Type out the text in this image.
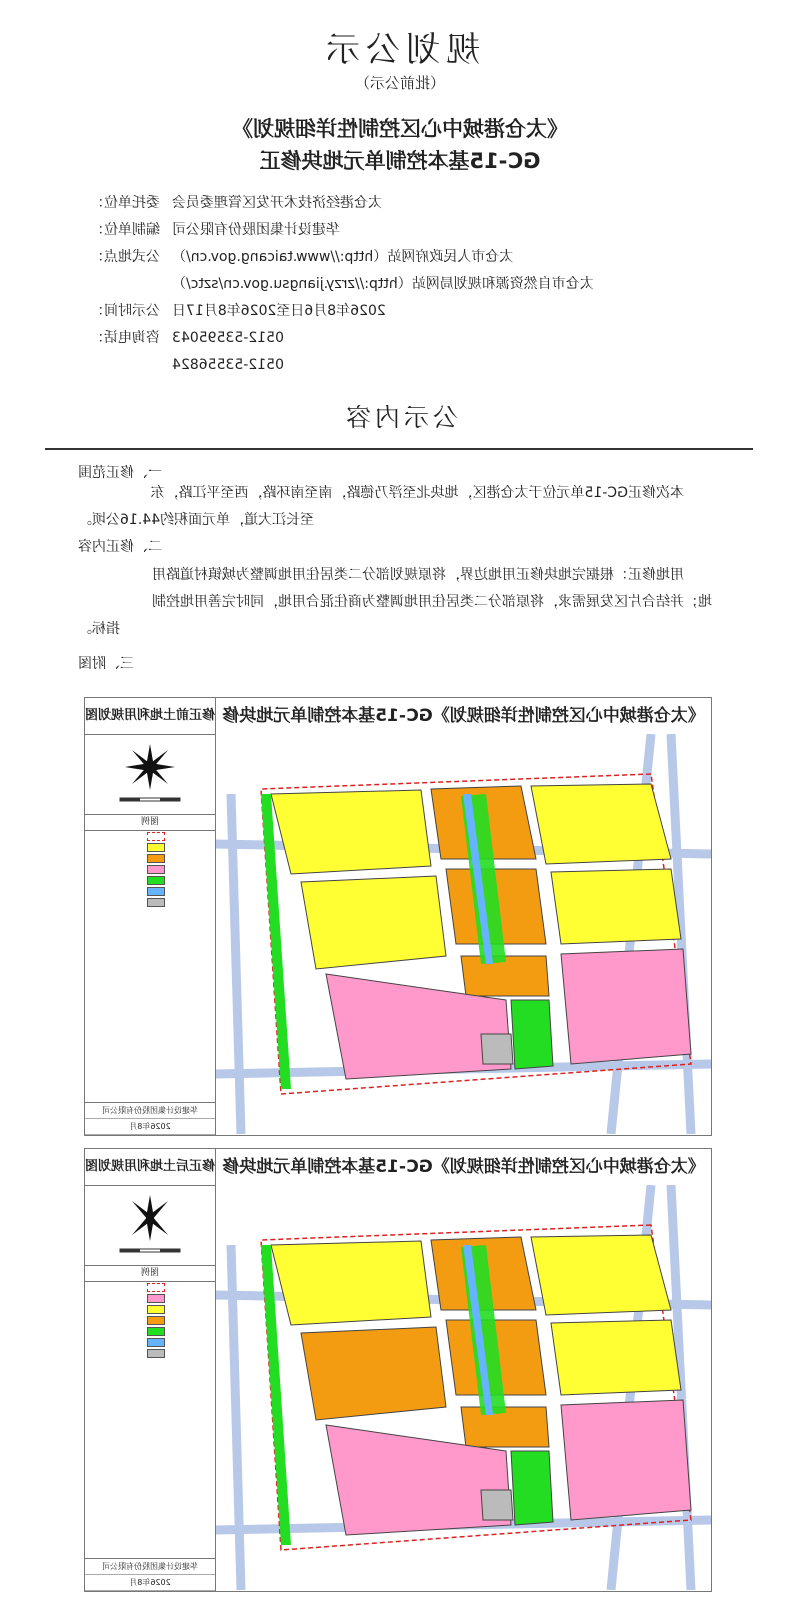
规划公示
（批前公示）
《太仓港城中心区控制性详细规划》
GC-15基本控制单元地块修正
太仓港经济技术开发区管理委员会
委托单位：
华建设计集团股份有限公司
编制单位：
太仓市人民政府网站（http://www.taicang.gov.cn/）
公式地点：
太仓市自然资源和规划局网站（http://zrzy.jiangsu.gov.cn/sztc/）
2026年8月6日至2026年8月17日
公示时间：
0512-53595043
咨询电话：
0512-53556824
公示内容
一、修正范围
本次修正GC-15单元位于太仓港区，地块北至浮乃德路，南至南环路，西至平江路，东
至长江大道，单元面积约44.16公顷。
二、修正内容
用地修正：根据完地块修正用地边界，将原规划部分二类居住用地调整为城镇村道路用
地；并结合片区发展需求，将原部分二类居住用地调整为商住混合用地，同时完善用地控制
指标。
三、附图
《太仓港城中心区控制性详细规划》GC-15基本控制单元地块修
修正前土地利用规划图
图例
华建设计集团股份有限公司
2026年8月
《太仓港城中心区控制性详细规划》GC-15基本控制单元地块修
修正后土地利用规划图
图例
华建设计集团股份有限公司
2026年8月
